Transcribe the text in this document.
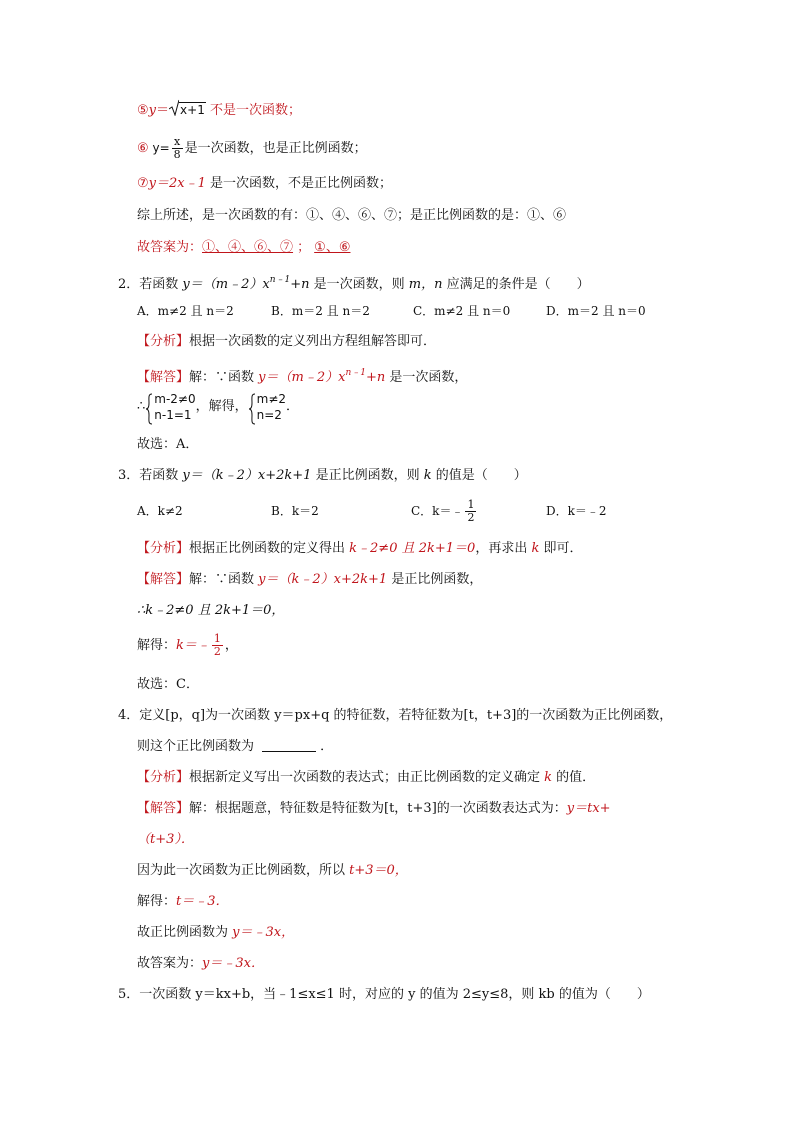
⑤y＝ x+1 不是一次函数；
⑥ $y= \frac{x}{8}$ 是一次函数，也是正比例函数；
⑦y＝2x﹣1 是一次函数，不是正比例函数；
综上所述，是一次函数的有：①、④、⑥、⑦；是正比例函数的是：①、⑥
故答案为：①、④、⑥、⑦ ； ①、⑥
2．若函数 $y=(m﹣2)x^{n﹣1}+n$ 是一次函数，则 m，n 应满足的条件是（　　）
A．m≠2 且 n＝2	B．m＝2 且 n＝2	C．m≠2 且 n＝0	D．m＝2 且 n＝0
【分析】根据一次函数的定义列出方程组解答即可．
【解答】解：∵函数 $y=(m﹣2)x^{n﹣1}+n$ 是一次函数，
∴
m-2≠0
n-1=1
，解得，
m≠2
n=2
．
故选：A．
3．若函数 y＝（k﹣2）x+2k+1 是正比例函数，则 k 的值是（　　）
A．k≠2	B．k＝2	C．k＝﹣ $\frac{1}{2}$	D．k＝﹣2
【分析】根据正比例函数的定义得出 k﹣2≠0 且 2k+1＝0，再求出 k 即可．
【解答】解：∵函数 y＝（k﹣2）x+2k+1 是正比例函数，
∴k﹣2≠0 且 2k+1＝0，
解得：k＝﹣ $\frac{1}{2}$ ，
故选：C．
4．定义[p，q]为一次函数 y＝px+q 的特征数，若特征数为[t，t+3]的一次函数为正比例函数，
则这个正比例函数为	．
【分析】根据新定义写出一次函数的表达式；由正比例函数的定义确定 k 的值．
【解答】解：根据题意，特征数是特征数为[t，t+3]的一次函数表达式为：y＝tx+
（t+3）．
因为此一次函数为正比例函数，所以 t+3＝0，
解得：t＝﹣3．
故正比例函数为 y＝﹣3x，
故答案为：y＝﹣3x．
5．一次函数 y＝kx+b，当﹣1≤x≤1 时，对应的 y 的值为 2≤y≤8，则 kb 的值为（　　）
